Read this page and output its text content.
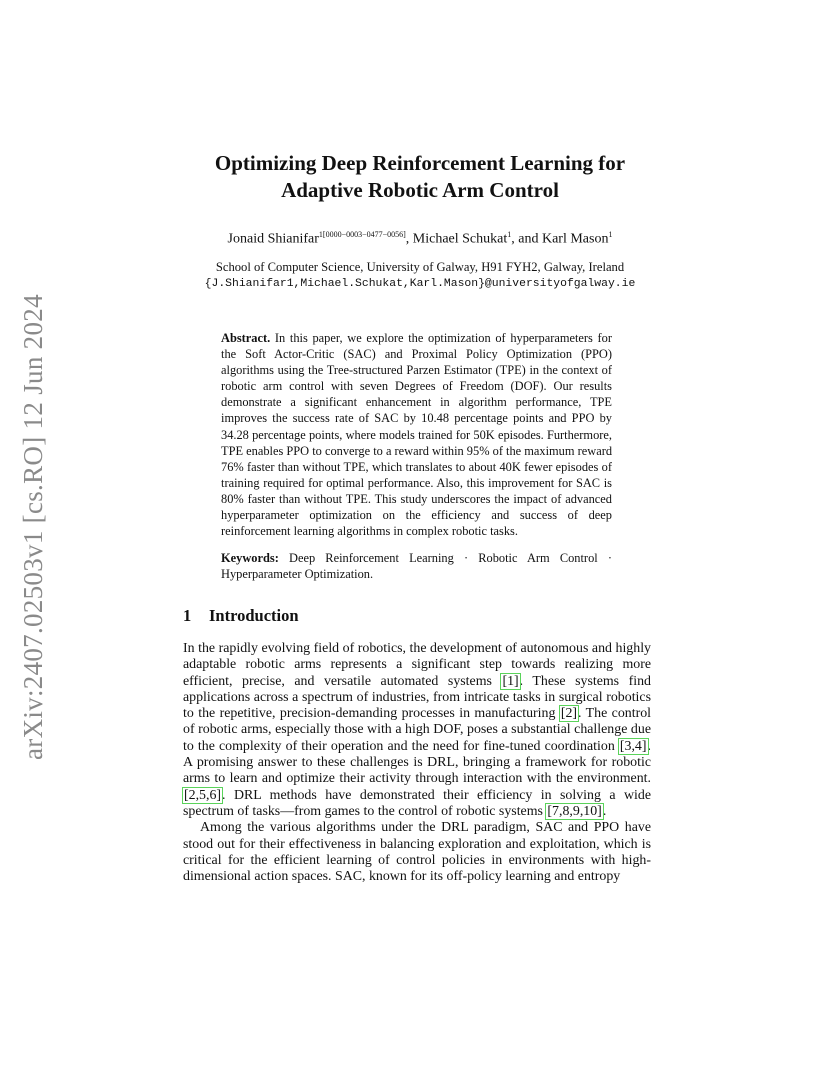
arXiv:2407.02503v1 [cs.RO] 12 Jun 2024
Optimizing Deep Reinforcement Learning for
Adaptive Robotic Arm Control
Jonaid Shianifar$^{1[0000-0003-0477-0056]}$, Michael Schukat$^1$, and Karl Mason$^1$
School of Computer Science, University of Galway, H91 FYH2, Galway, Ireland
{J.Shianifar1,Michael.Schukat,Karl.Mason}@universityofgalway.ie
Abstract. In this paper, we explore the optimization of hyperparameters for the Soft Actor-Critic (SAC) and Proximal Policy Optimization (PPO) algorithms using the Tree-structured Parzen Estimator (TPE) in the context of robotic arm control with seven Degrees of Freedom (DOF). Our results demonstrate a significant enhancement in algorithm performance, TPE improves the success rate of SAC by 10.48 percentage points and PPO by 34.28 percentage points, where models trained for 50K episodes. Furthermore, TPE enables PPO to converge to a reward within 95% of the maximum reward 76% faster than without TPE, which translates to about 40K fewer episodes of training required for optimal performance. Also, this improvement for SAC is 80% faster than without TPE. This study underscores the impact of advanced hyperparameter optimization on the efficiency and success of deep reinforcement learning algorithms in complex robotic tasks.
Keywords: Deep Reinforcement Learning · Robotic Arm Control · Hyperparameter Optimization.
1 Introduction

In the rapidly evolving field of robotics, the development of autonomous and highly adaptable robotic arms represents a significant step towards realizing more efficient, precise, and versatile automated systems [1]. These systems find applications across a spectrum of industries, from intricate tasks in surgical robotics to the repetitive, precision-demanding processes in manufacturing [2]. The control of robotic arms, especially those with a high DOF, poses a substantial challenge due to the complexity of their operation and the need for fine-tuned coordination [3,4]. A promising answer to these challenges is DRL, bringing a framework for robotic arms to learn and optimize their activity through interaction with the environment. [2,5,6]. DRL methods have demonstrated their efficiency in solving a wide spectrum of tasks—from games to the control of robotic systems [7,8,9,10].

Among the various algorithms under the DRL paradigm, SAC and PPO have stood out for their effectiveness in balancing exploration and exploitation, which is critical for the efficient learning of control policies in environments with high-dimensional action spaces. SAC, known for its off-policy learning and entropy
